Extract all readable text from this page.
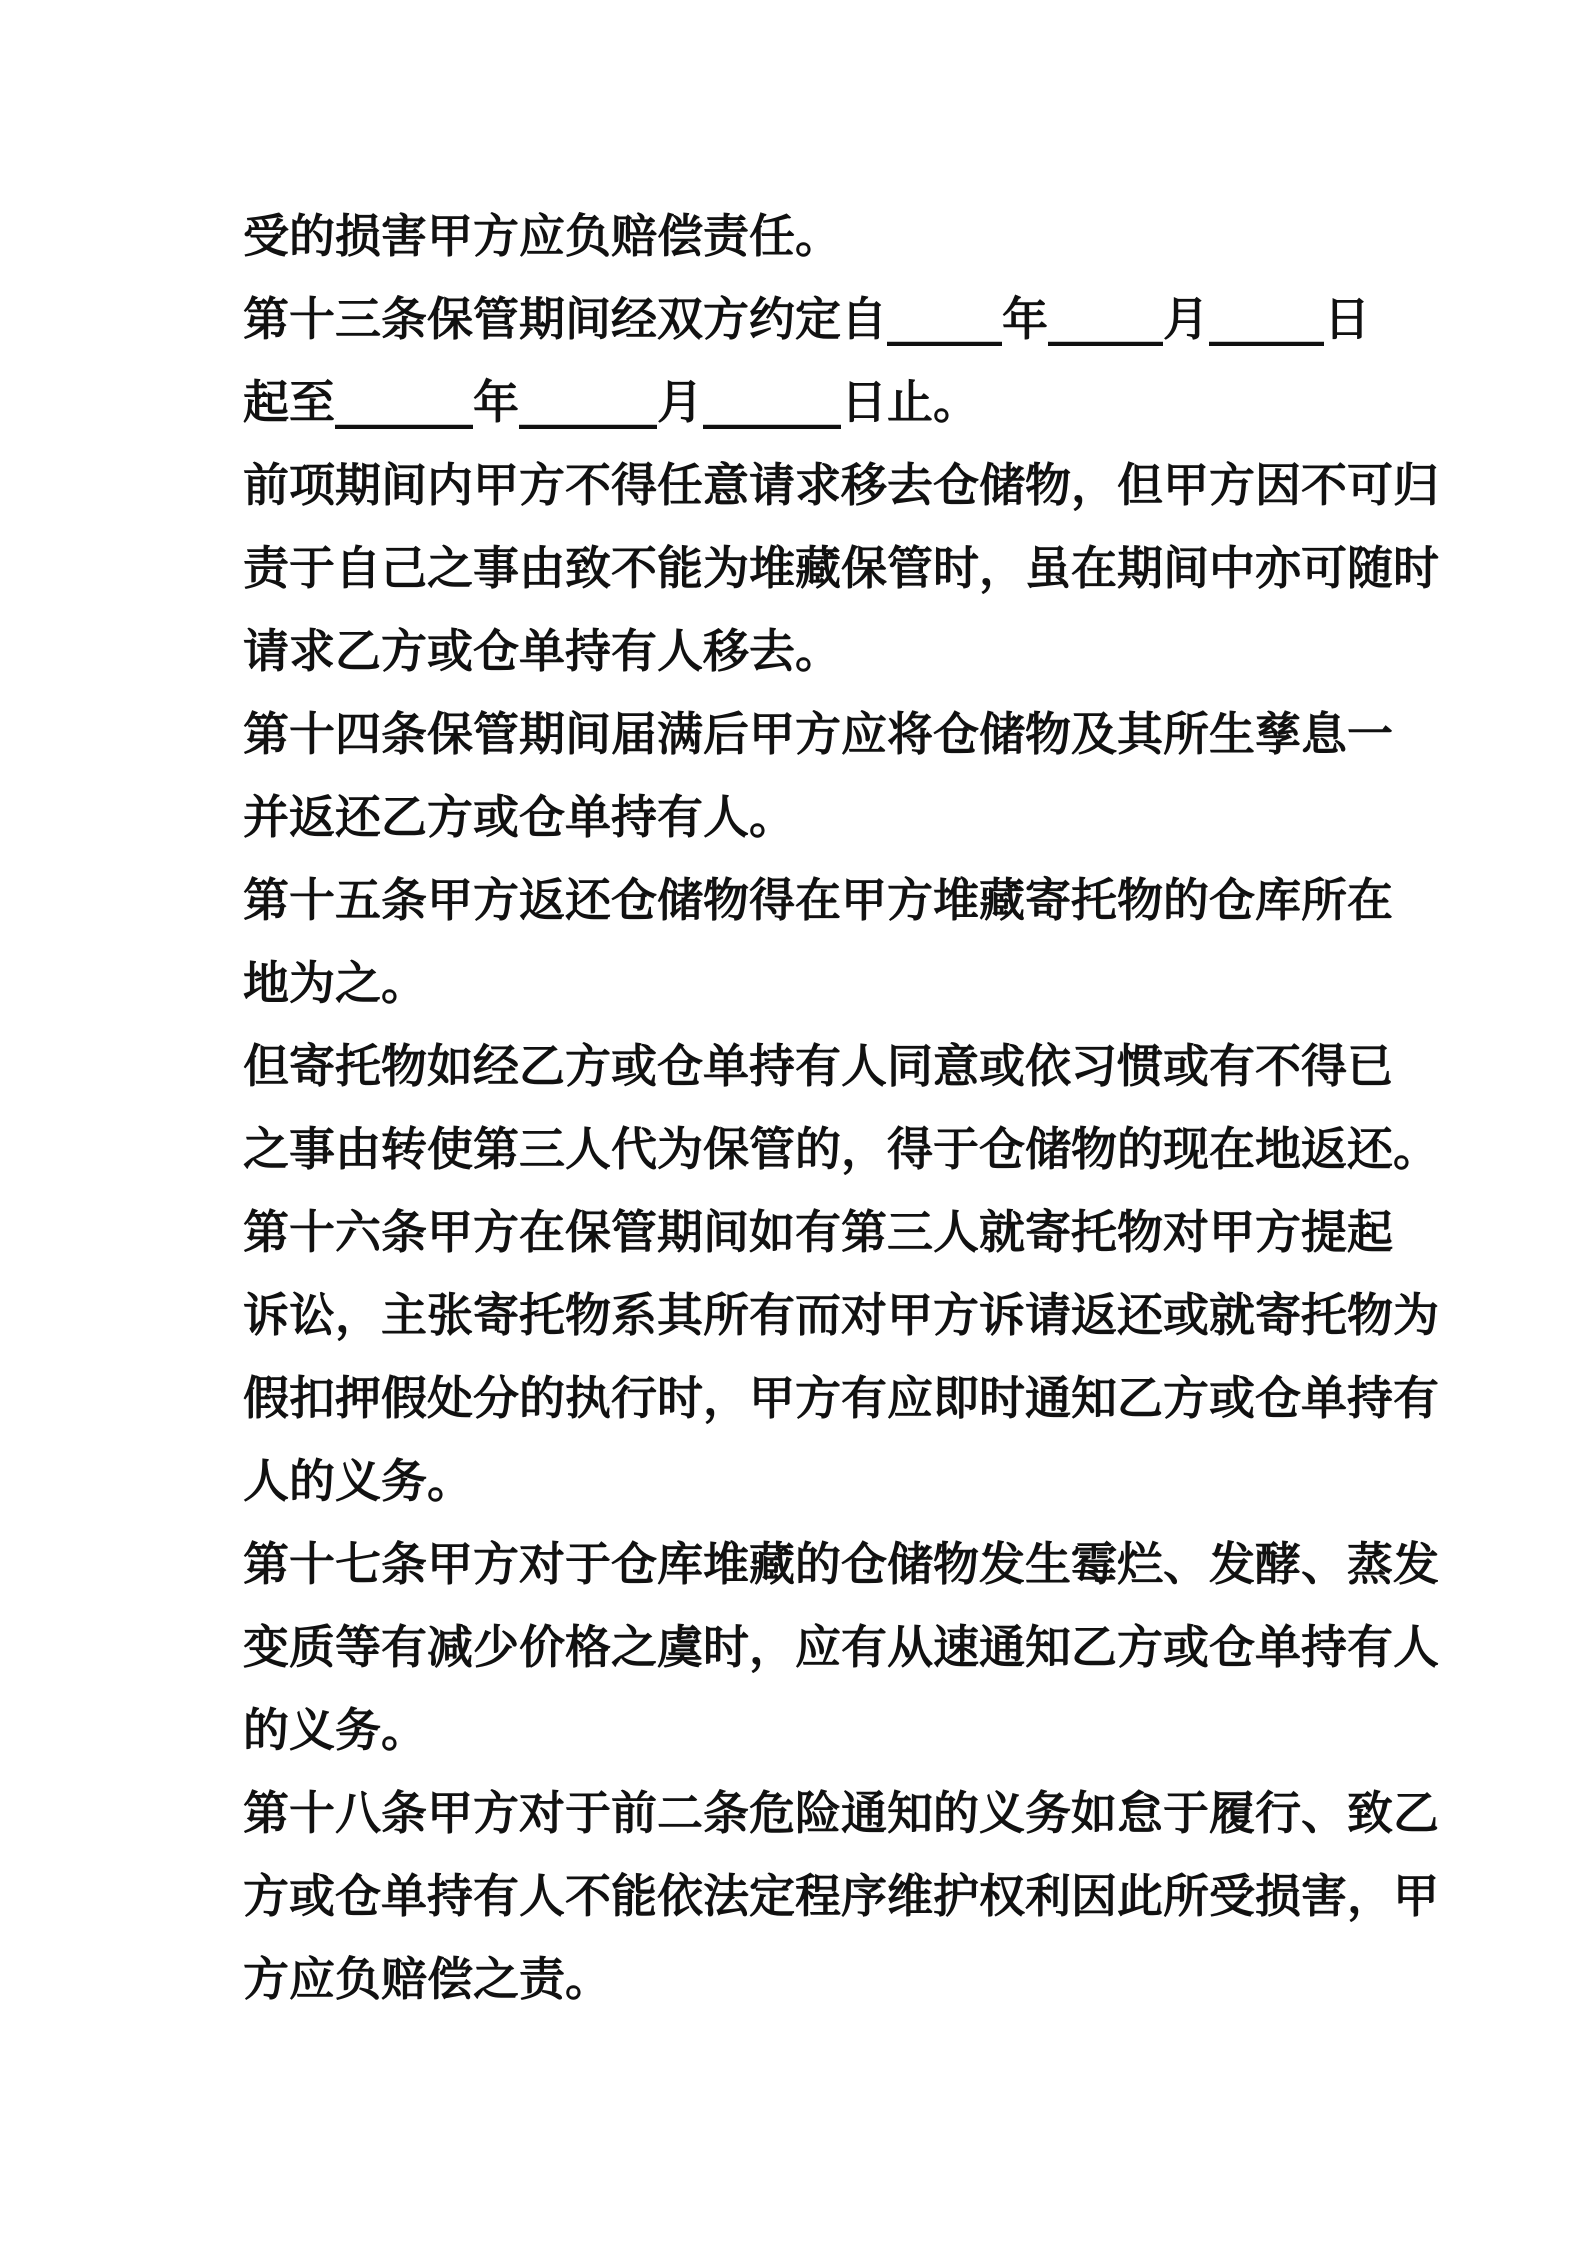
受的损害甲方应负赔偿责任。
第十三条保管期间经双方约定自_____年_____月_____日
起至______年______月______日止。
前项期间内甲方不得任意请求移去仓储物，但甲方因不可归
责于自己之事由致不能为堆藏保管时，虽在期间中亦可随时
请求乙方或仓单持有人移去。
第十四条保管期间届满后甲方应将仓储物及其所生孳息一
并返还乙方或仓单持有人。
第十五条甲方返还仓储物得在甲方堆藏寄托物的仓库所在
地为之。
但寄托物如经乙方或仓单持有人同意或依习惯或有不得已
之事由转使第三人代为保管的，得于仓储物的现在地返还。
第十六条甲方在保管期间如有第三人就寄托物对甲方提起
诉讼，主张寄托物系其所有而对甲方诉请返还或就寄托物为
假扣押假处分的执行时，甲方有应即时通知乙方或仓单持有
人的义务。
第十七条甲方对于仓库堆藏的仓储物发生霉烂、发酵、蒸发
变质等有减少价格之虞时，应有从速通知乙方或仓单持有人
的义务。
第十八条甲方对于前二条危险通知的义务如怠于履行、致乙
方或仓单持有人不能依法定程序维护权利因此所受损害，甲
方应负赔偿之责。
